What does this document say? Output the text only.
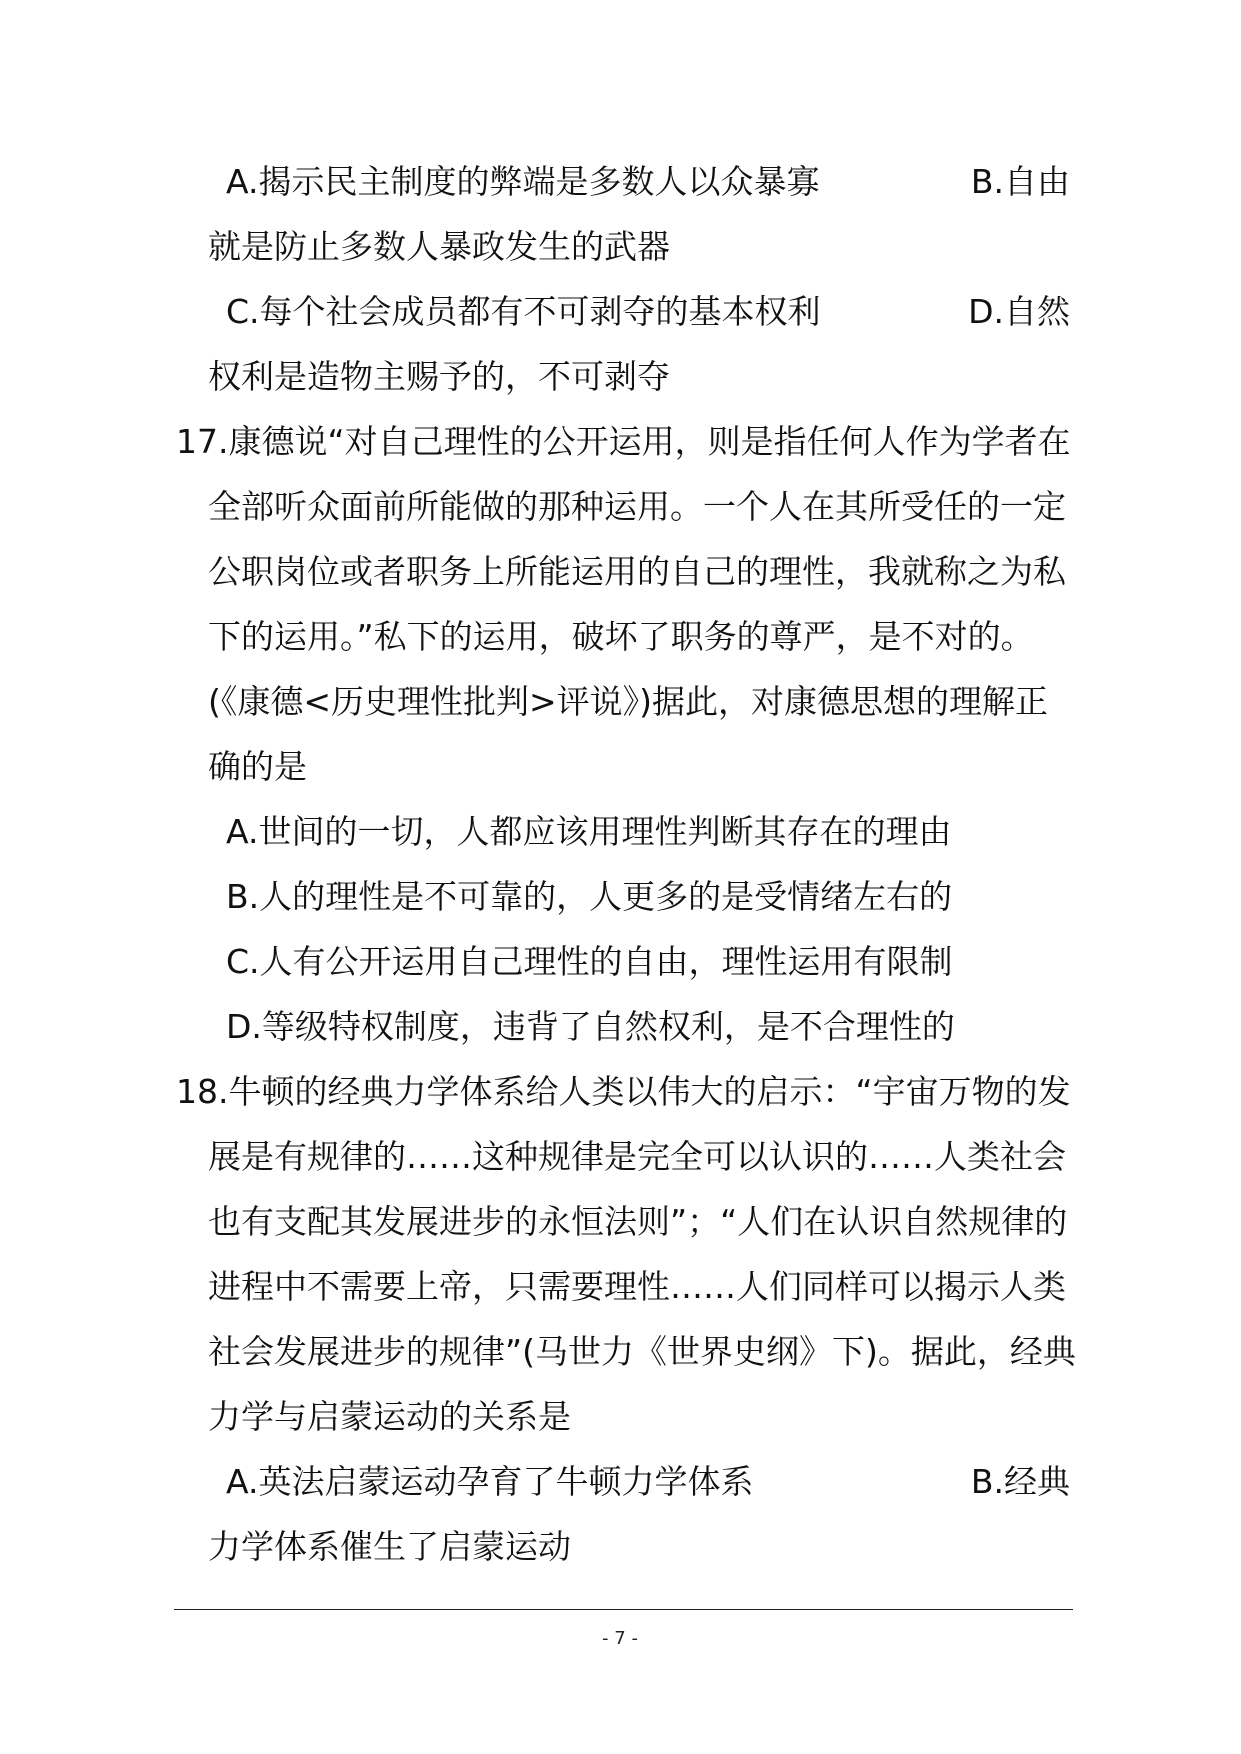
A.揭示民主制度的弊端是多数人以众暴寡	B.自由
就是防止多数人暴政发生的武器
C.每个社会成员都有不可剥夺的基本权利	D.自然
权利是造物主赐予的，不可剥夺
17.康德说“对自己理性的公开运用，则是指任何人作为学者在
全部听众面前所能做的那种运用。一个人在其所受任的一定
公职岗位或者职务上所能运用的自己的理性，我就称之为私
下的运用。”私下的运用，破坏了职务的尊严，是不对的。
(《康德<历史理性批判>评说》)据此，对康德思想的理解正
确的是
A.世间的一切，人都应该用理性判断其存在的理由
B.人的理性是不可靠的，人更多的是受情绪左右的
C.人有公开运用自己理性的自由，理性运用有限制
D.等级特权制度，违背了自然权利，是不合理性的
18.牛顿的经典力学体系给人类以伟大的启示：“宇宙万物的发
展是有规律的……这种规律是完全可以认识的……人类社会
也有支配其发展进步的永恒法则”；“人们在认识自然规律的
进程中不需要上帝，只需要理性……人们同样可以揭示人类
社会发展进步的规律”(马世力《世界史纲》下)。据此，经典
力学与启蒙运动的关系是
A.英法启蒙运动孕育了牛顿力学体系	B.经典
力学体系催生了启蒙运动
- 7 -
